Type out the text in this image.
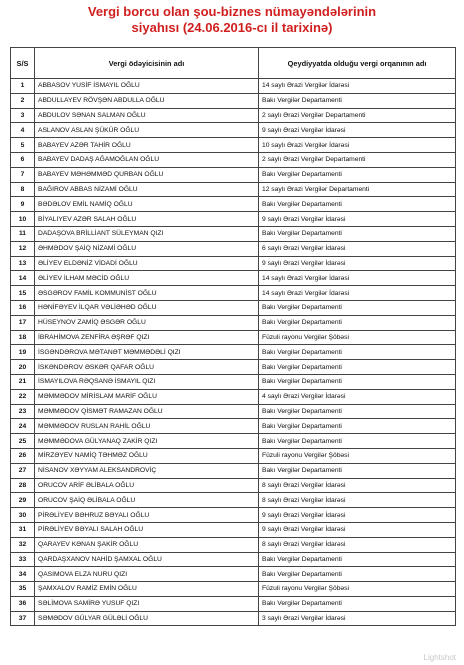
Vergi borcu olan şou-biznes nümayəndələrinin
siyahısı (24.06.2016-cı il tarixinə)
S/S	Vergi ödəyicisinin adı	Qeydiyyatda olduğu vergi orqanının adı
1	ABBASOV YUSİF İSMAYIL OĞLU	14 saylı Ərazi Vergilər İdarəsi
2	ABDULLAYEV RÖVŞƏN ABDULLA OĞLU	Bakı Vergilər Departamenti
3	ABDULOV SƏNAN SALMAN OĞLU	2 saylı Ərazi Vergilər Departamenti
4	ASLANOV ASLAN ŞÜKÜR OĞLU	9 saylı Ərazi Vergilər İdarəsi
5	BABAYEV AZƏR TAHİR OĞLU	10 saylı Ərazi Vergilər İdarəsi
6	BABAYEV DADAŞ AĞAMOĞLAN OĞLU	2 saylı Ərazi Vergilər Departamenti
7	BABAYEV MƏHƏMMƏD QURBAN OĞLU	Bakı Vergilər Departamenti
8	BAĞIROV ABBAS NİZAMİ OĞLU	12 saylı Ərazi Vergilər Departamenti
9	BƏDƏLOV EMİL NAMİQ OĞLU	Bakı Vergilər Departamenti
10	BİYALIYEV AZƏR SALAH OĞLU	9 saylı Ərazi Vergilər İdarəsi
11	DADAŞOVA BRİLLİANT SÜLEYMAN QIZI	Bakı Vergilər Departamenti
12	ƏHMƏDOV ŞAİQ NİZAMİ OĞLU	6 saylı Ərazi Vergilər İdarəsi
13	ƏLİYEV ELDƏNİZ VİDADİ OĞLU	9 saylı Ərazi Vergilər İdarəsi
14	ƏLİYEV İLHAM MƏCİD OĞLU	14 saylı Ərazi Vergilər İdarəsi
15	ƏSGƏROV FAMİL KOMMUNİST OĞLU	14 saylı Ərazi Vergilər İdarəsi
16	HƏNİFƏYEV İLQAR VƏLİƏHƏD OĞLU	Bakı Vergilər Departamenti
17	HÜSEYNOV ZAMİQ ƏSGƏR OĞLU	Bakı Vergilər Departamenti
18	İBRAHİMOVA ZENFİRA ƏŞRƏF QIZI	Füzuli rayonu Vergilər Şöbəsi
19	İSGƏNDƏROVA MƏTANƏT MƏMMƏDƏLİ QIZI	Bakı Vergilər Departamenti
20	İSKƏNDƏROV ƏSKƏR QAFAR OĞLU	Bakı Vergilər Departamenti
21	İSMAYILOVA RƏQSANƏ İSMAYIL QIZI	Bakı Vergilər Departamenti
22	MƏMMƏDOV MİRİSLAM MARİF OĞLU	4 saylı Ərazi Vergilər İdarəsi
23	MƏMMƏDOV QİSMƏT RAMAZAN OĞLU	Bakı Vergilər Departamenti
24	MƏMMƏDOV RUSLAN RAHİL OĞLU	Bakı Vergilər Departamenti
25	MƏMMƏDOVA GÜLYANAQ ZAKİR QIZI	Bakı Vergilər Departamenti
26	MİRZƏYEV NAMİQ TƏHMƏZ OĞLU	Füzuli rayonu Vergilər Şöbəsi
27	NİSANOV XƏYYAM ALEKSANDROVİÇ	Bakı Vergilər Departamenti
28	ORUCOV ARİF ƏLİBALA OĞLU	8 saylı Ərazi Vergilər İdarəsi
29	ORUCOV ŞAİQ ƏLİBALA OĞLU	8 saylı Ərazi Vergilər İdarəsi
30	PİRƏLİYEV BƏHRUZ BƏYALI OĞLU	9 saylı Ərazi Vergilər İdarəsi
31	PİRƏLİYEV BƏYALI SALAH OĞLU	9 saylı Ərazi Vergilər İdarəsi
32	QARAYEV KƏNAN ŞAKİR OĞLU	8 saylı Ərazi Vergilər İdarəsi
33	QARDAŞXANOV NAHİD ŞAMXAL OĞLU	Bakı Vergilər Departamenti
34	QASIMOVA ELZA NURU QIZI	Bakı Vergilər Departamenti
35	ŞAMXALOV RAMİZ EMİN OĞLU	Füzuli rayonu Vergilər Şöbəsi
36	SƏLİMOVA SAMİRƏ YUSUF QIZI	Bakı Vergilər Departamenti
37	SƏMƏDOV GÜLYAR GÜLƏLİ OĞLU	3 saylı Ərazi Vergilər İdarəsi
Lightshot
